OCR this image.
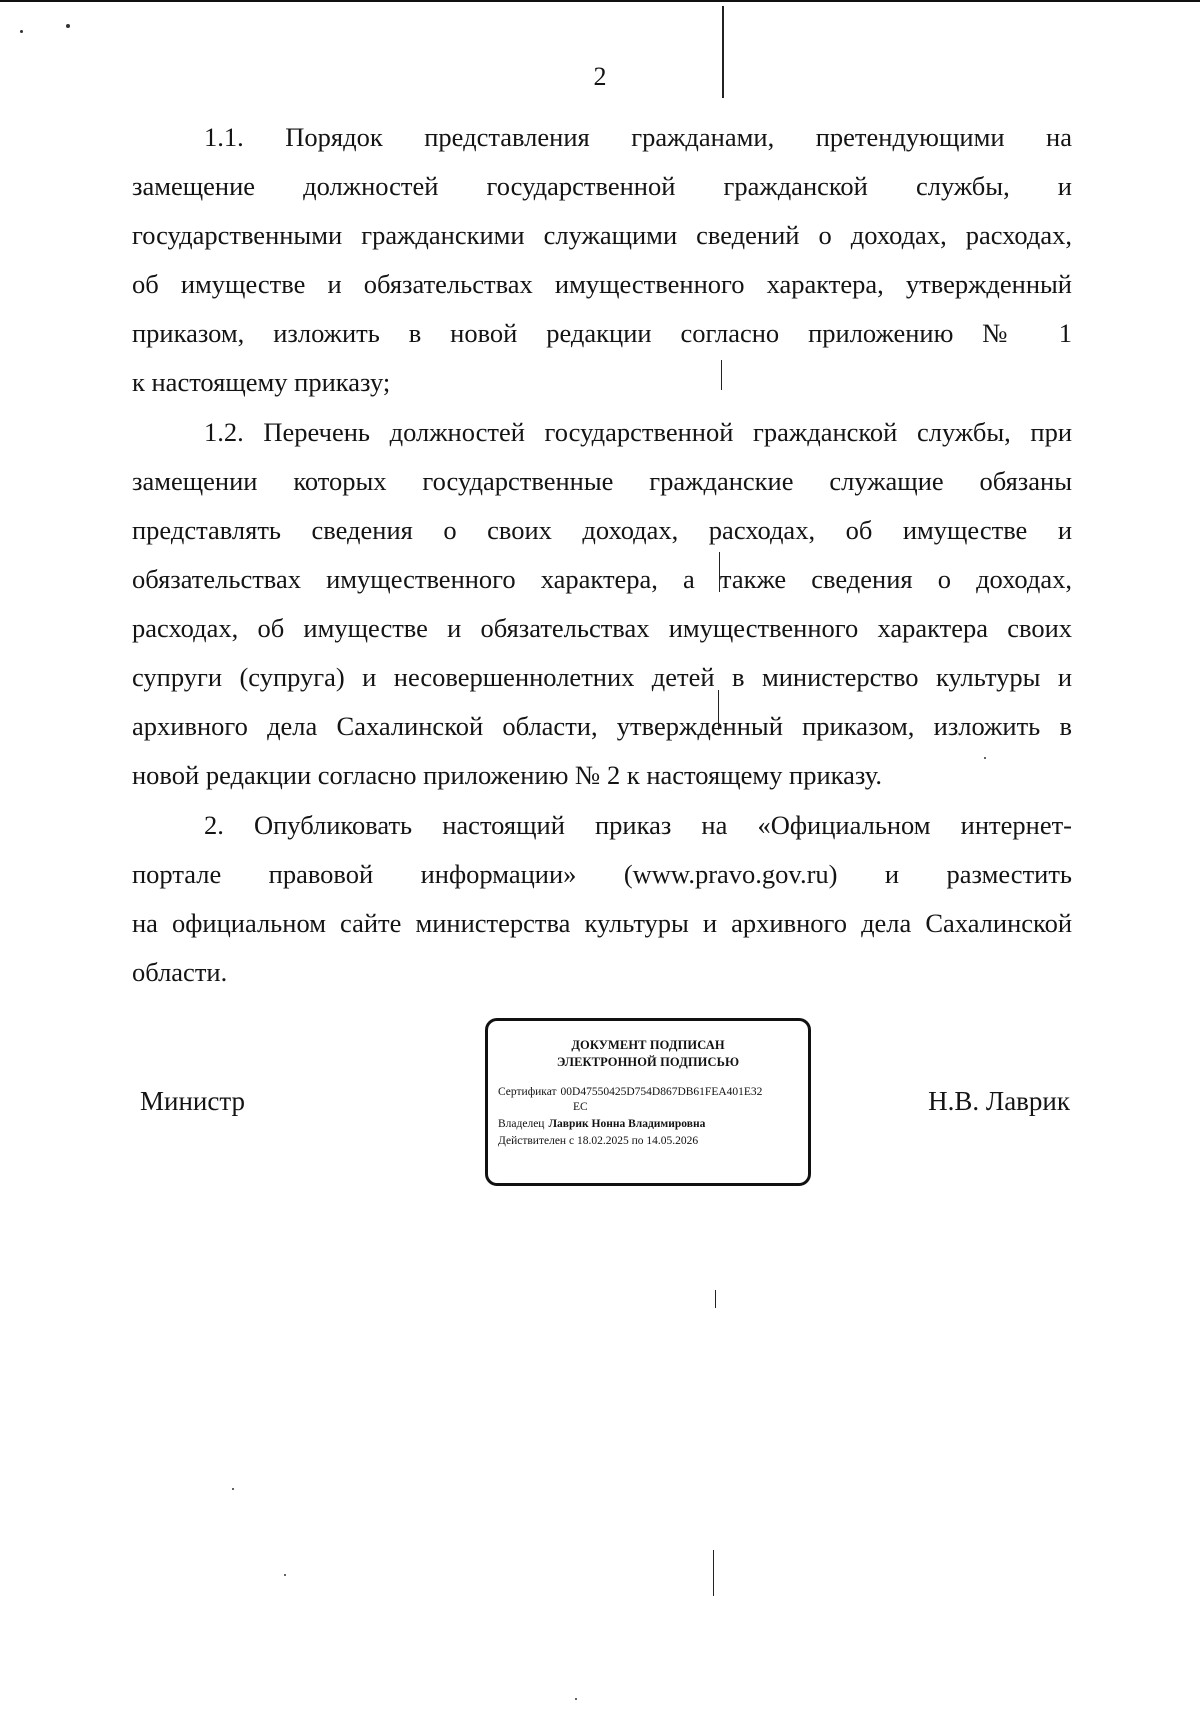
2
1.1. Порядок представления гражданами, претендующими на
замещение должностей государственной гражданской службы, и
государственными гражданскими служащими сведений о доходах, расходах,
об имуществе и обязательствах имущественного характера, утвержденный
приказом, изложить в новой редакции согласно приложению № 1
к настоящему приказу;
1.2. Перечень должностей государственной гражданской службы, при
замещении которых государственные гражданские служащие обязаны
представлять сведения о своих доходах, расходах, об имуществе и
обязательствах имущественного характера, а также сведения о доходах,
расходах, об имуществе и обязательствах имущественного характера своих
супруги (супруга) и несовершеннолетних детей в министерство культуры и
архивного дела Сахалинской области, утвержденный приказом, изложить в
новой редакции согласно приложению № 2 к настоящему приказу.
2. Опубликовать настоящий приказ на «Официальном интернет-
портале правовой информации» (www.pravo.gov.ru) и разместить
на официальном сайте министерства культуры и архивного дела Сахалинской
области.
Министр
ДОКУМЕНТ ПОДПИСАН
ЭЛЕКТРОННОЙ ПОДПИСЬЮ
Сертификат 00D47550425D754D867DB61FEA401E32
EC
Владелец Лаврик Нонна Владимировна
Действителен с 18.02.2025 по 14.05.2026
Н.В. Лаврик
